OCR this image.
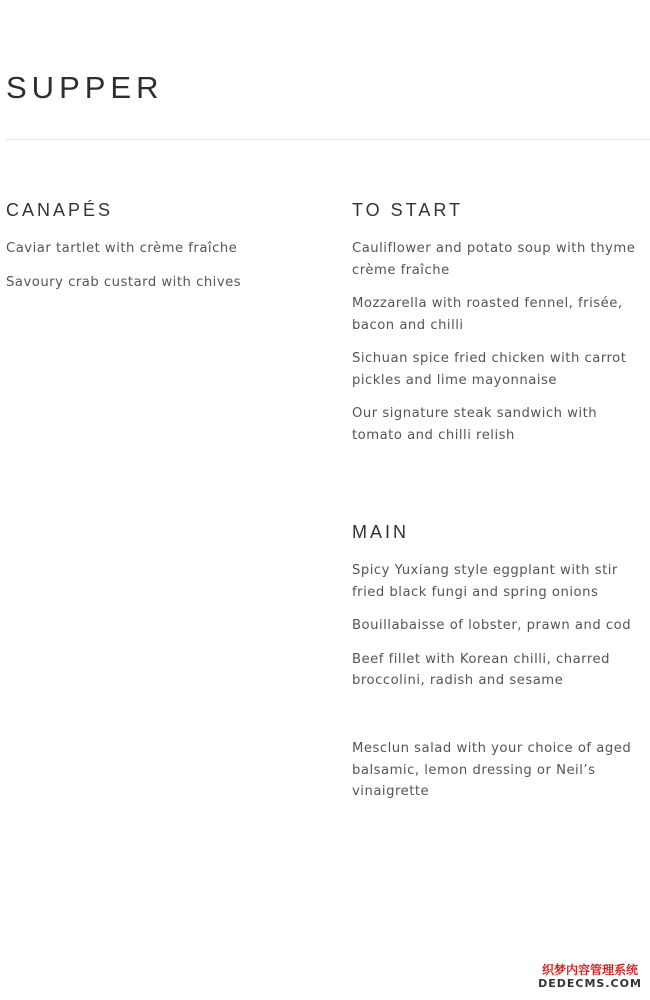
SUPPER
CANAPÉS

Caviar tartlet with crème fraîche

Savoury crab custard with chives

TO START

Cauliflower and potato soup with thyme crème fraîche

Mozzarella with roasted fennel, frisée, bacon and chilli

Sichuan spice fried chicken with carrot pickles and lime mayonnaise

Our signature steak sandwich with tomato and chilli relish

MAIN

Spicy Yuxiang style eggplant with stir fried black fungi and spring onions

Bouillabaisse of lobster, prawn and cod

Beef fillet with Korean chilli, charred broccolini, radish and sesame

Mesclun salad with your choice of aged balsamic, lemon dressing or Neil’s vinaigrette

织梦内容管理系统
DEDECMS.COM
